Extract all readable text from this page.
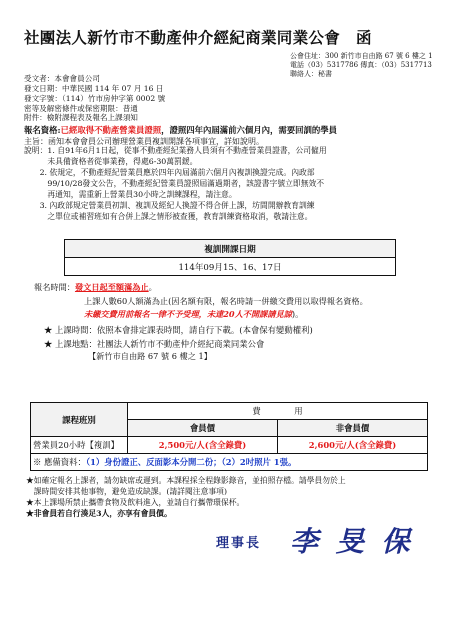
社團法人新竹市不動產仲介經紀商業同業公會 函
公會住址：300 新竹市自由路 67 號 6 樓之 1
電話（03）5317786 傳真：（03）5317713
聯絡人：秘書
受文者：本會會員公司
發文日期：中華民國 114 年 07 月 16 日
發文字號：（114）竹市房仲字第 0002 號
密等及解密條件或保密期限：普通
附件：檢附課程表及報名上課須知
報名資格:已經取得不動產營業員證照，證照四年內屆滿前六個月內，需要回訓的學員
主旨：函知本會會員公司辦理營業員複訓開課各項事宜，詳如說明。
說明：1. 自91年6月1日起，從事不動產經紀業務人員須有不動產營業員證書，公司僱用
　　　未具備資格者從事業務，得處6-30萬罰鍰。
　　2. 依規定，不動產經紀營業員應於四年內屆滿前六個月內複訓換證完成。內政部
　　　99/10/28發文公告，不動產經紀營業員證照屆滿過期者，該證書字號立即無效不
　　　再通知，需重新上營業員30小時之訓練課程，請注意。
　　3. 內政部規定營業員初訓、複訓及經紀人換證不得合併上課，坊間開辦教育訓練
　　　之單位或補習班如有合併上課之情形被查獲，教育訓練資格取消，敬請注意。
複訓開課日期
114年09月15、16、17日
報名時間：發文日起至額滿為止。
上課人數60人額滿為止(因名額有限，報名時請一併繳交費用以取得報名資格。
未繳交費用前報名一律不予受理，未達20人不開課請見諒)。
★ 上課時間：依照本會排定課表時間，請自行下載。(本會保有變動權利)
★ 上課地點：社團法人新竹市不動產仲介經紀商業同業公會
【新竹市自由路 67 號 6 樓之 1】
課程班別	費　　　　用	
	會員價	非會員價
營業員20小時【複訓】	2,500元/人(含全錄費)	2,600元/人(含全錄費)
※ 應備資料：（1）身份證正、反面影本分開二份；（2）2吋照片 1張。		
★如確定報名上課者，請勿缺席或遲到。本課程採全程錄影錄音，並拍照存檔。請學員勿於上
　課時間安排其他事物，避免造成缺課。(請詳閱注意事項)
★本上課場所禁止攜帶食物及飲料進入，並請自行攜帶環保杯。
★非會員若自行湊足3人，亦享有會員價。
理事長 李 旻 保
